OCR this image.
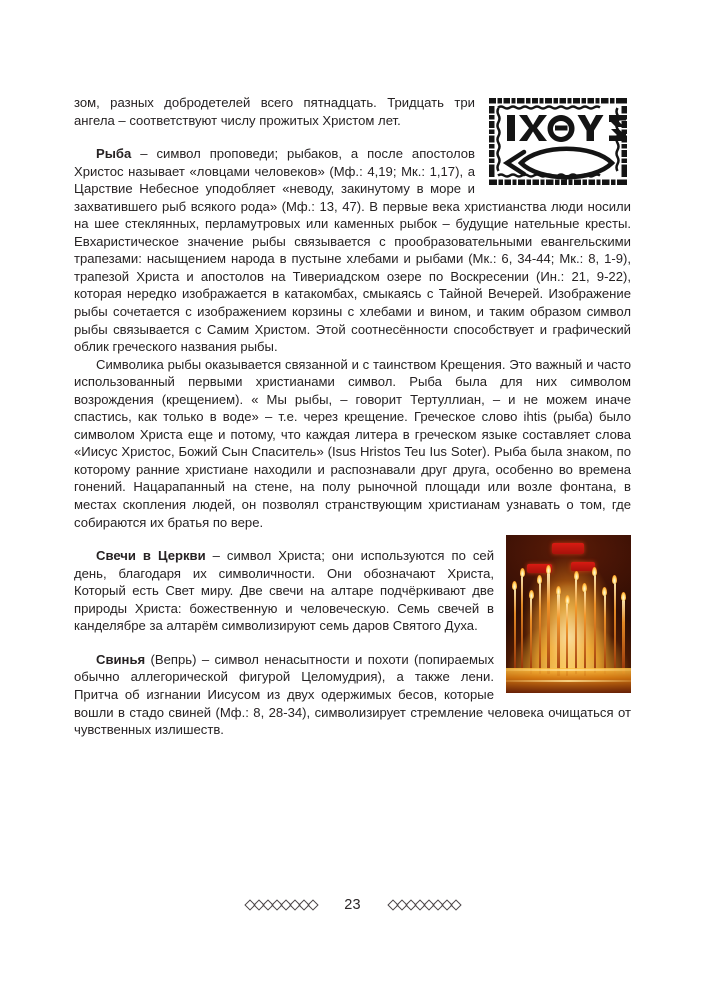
зом, разных добродетелей всего пятнадцать. Тридцать три ангела – соответствуют числу прожитых Христом лет.

Рыба – символ проповеди; рыбаков, а после апостолов Христос называет «ловцами человеков» (Мф.: 4,19; Мк.: 1,17), а Царствие Небесное уподобляет «неводу, закинутому в море и захватившего рыб всякого рода» (Мф.: 13, 47). В первые века христианства люди носили на шее стеклянных, перламутровых или каменных рыбок – будущие нательные кресты. Евхаристическое значение рыбы связывается с прообразовательными евангельскими трапезами: насыщением народа в пустыне хлебами и рыбами (Мк.: 6, 34-44; Мк.: 8, 1-9), трапезой Христа и апостолов на Тивериадском озере по Воскресении (Ин.: 21, 9-22), которая нередко изображается в катакомбах, смыкаясь с Тайной Вечерей. Изображение рыбы сочетается с изображением корзины с хлебами и вином, и таким образом символ рыбы связывается с Самим Христом. Этой соотнесённости способствует и графический облик греческого названия рыбы.

Символика рыбы оказывается связанной и с таинством Крещения. Это важный и часто использованный первыми христианами символ. Рыба была для них символом возрождения (крещением). « Мы рыбы, – говорит Тертуллиан, – и не можем иначе спастись, как только в воде» – т.е. через крещение. Греческое слово ihtis (рыба) было символом Христа еще и потому, что каждая литера в греческом языке составляет слова «Иисус Христос, Божий Сын Спаситель» (Isus Hristos Teu Ius Soter). Рыба была знаком, по которому ранние христиане находили и распознавали друг друга, особенно во времена гонений. Нацарапанный на стене, на полу рыночной площади или возле фонтана, в местах скопления людей, он позволял странствующим христианам узнавать о том, где собираются их братья по вере.

Свечи в Церкви – символ Христа; они используются по сей день, благодаря их символичности. Они обозначают Христа, Который есть Свет миру. Две свечи на алтаре подчёркивают две природы Христа: божественную и человеческую. Семь свечей в канделябре за алтарём символизируют семь даров Святого Духа.

Свинья (Вепрь) – символ ненасытности и похоти (попираемых обычно аллегорической фигурой Целомудрия), а также лени. Притча об изгнании Иисусом из двух одержимых бесов, которые вошли в стадо свиней (Мф.: 8, 28-34), символизирует стремление человека очищаться от чувственных излишеств.

23
